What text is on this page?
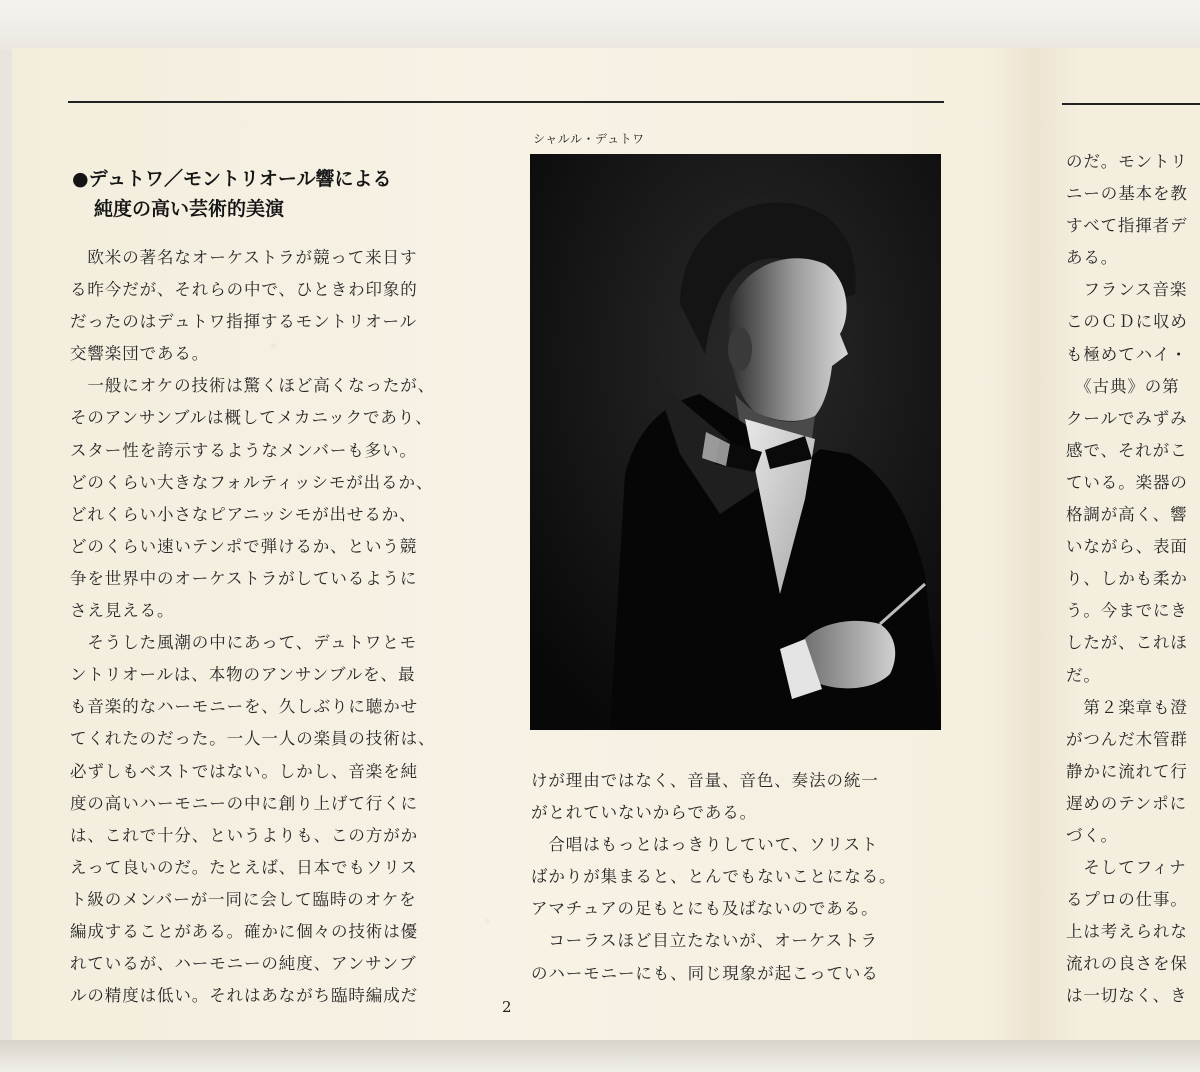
●デュトワ／モントリオール響による
純度の高い芸術的美演
　欧米の著名なオーケストラが競って来日す
る昨今だが、それらの中で、ひときわ印象的
だったのはデュトワ指揮するモントリオール
交響楽団である。
　一般にオケの技術は驚くほど高くなったが、
そのアンサンブルは概してメカニックであり、
スター性を誇示するようなメンバーも多い。
どのくらい大きなフォルティッシモが出るか、
どれくらい小さなピアニッシモが出せるか、
どのくらい速いテンポで弾けるか、という競
争を世界中のオーケストラがしているように
さえ見える。
　そうした風潮の中にあって、デュトワとモ
ントリオールは、本物のアンサンブルを、最
も音楽的なハーモニーを、久しぶりに聴かせ
てくれたのだった。一人一人の楽員の技術は、
必ずしもベストではない。しかし、音楽を純
度の高いハーモニーの中に創り上げて行くに
は、これで十分、というよりも、この方がか
えって良いのだ。たとえば、日本でもソリス
ト級のメンバーが一同に会して臨時のオケを
編成することがある。確かに個々の技術は優
れているが、ハーモニーの純度、アンサンブ
ルの精度は低い。それはあながち臨時編成だ
シャルル・デュトワ
けが理由ではなく、音量、音色、奏法の統一
がとれていないからである。
　合唱はもっとはっきりしていて、ソリスト
ばかりが集まると、とんでもないことになる。
アマチュアの足もとにも及ばないのである。
　コーラスほど目立たないが、オーケストラ
のハーモニーにも、同じ現象が起こっている
のだ。モントリ
ニーの基本を教
すべて指揮者デ
ある。
　フランス音楽
このＣＤに収め
も極めてハイ・
　《古典》の第
クールでみずみ
感で、それがこ
ている。楽器の
格調が高く、響
いながら、表面
り、しかも柔か
う。今までにき
したが、これほ
だ。
　第２楽章も澄
がつんだ木管群
静かに流れて行
遅めのテンポに
づく。
　そしてフィナ
るプロの仕事。
上は考えられな
流れの良さを保
は一切なく、き
2
